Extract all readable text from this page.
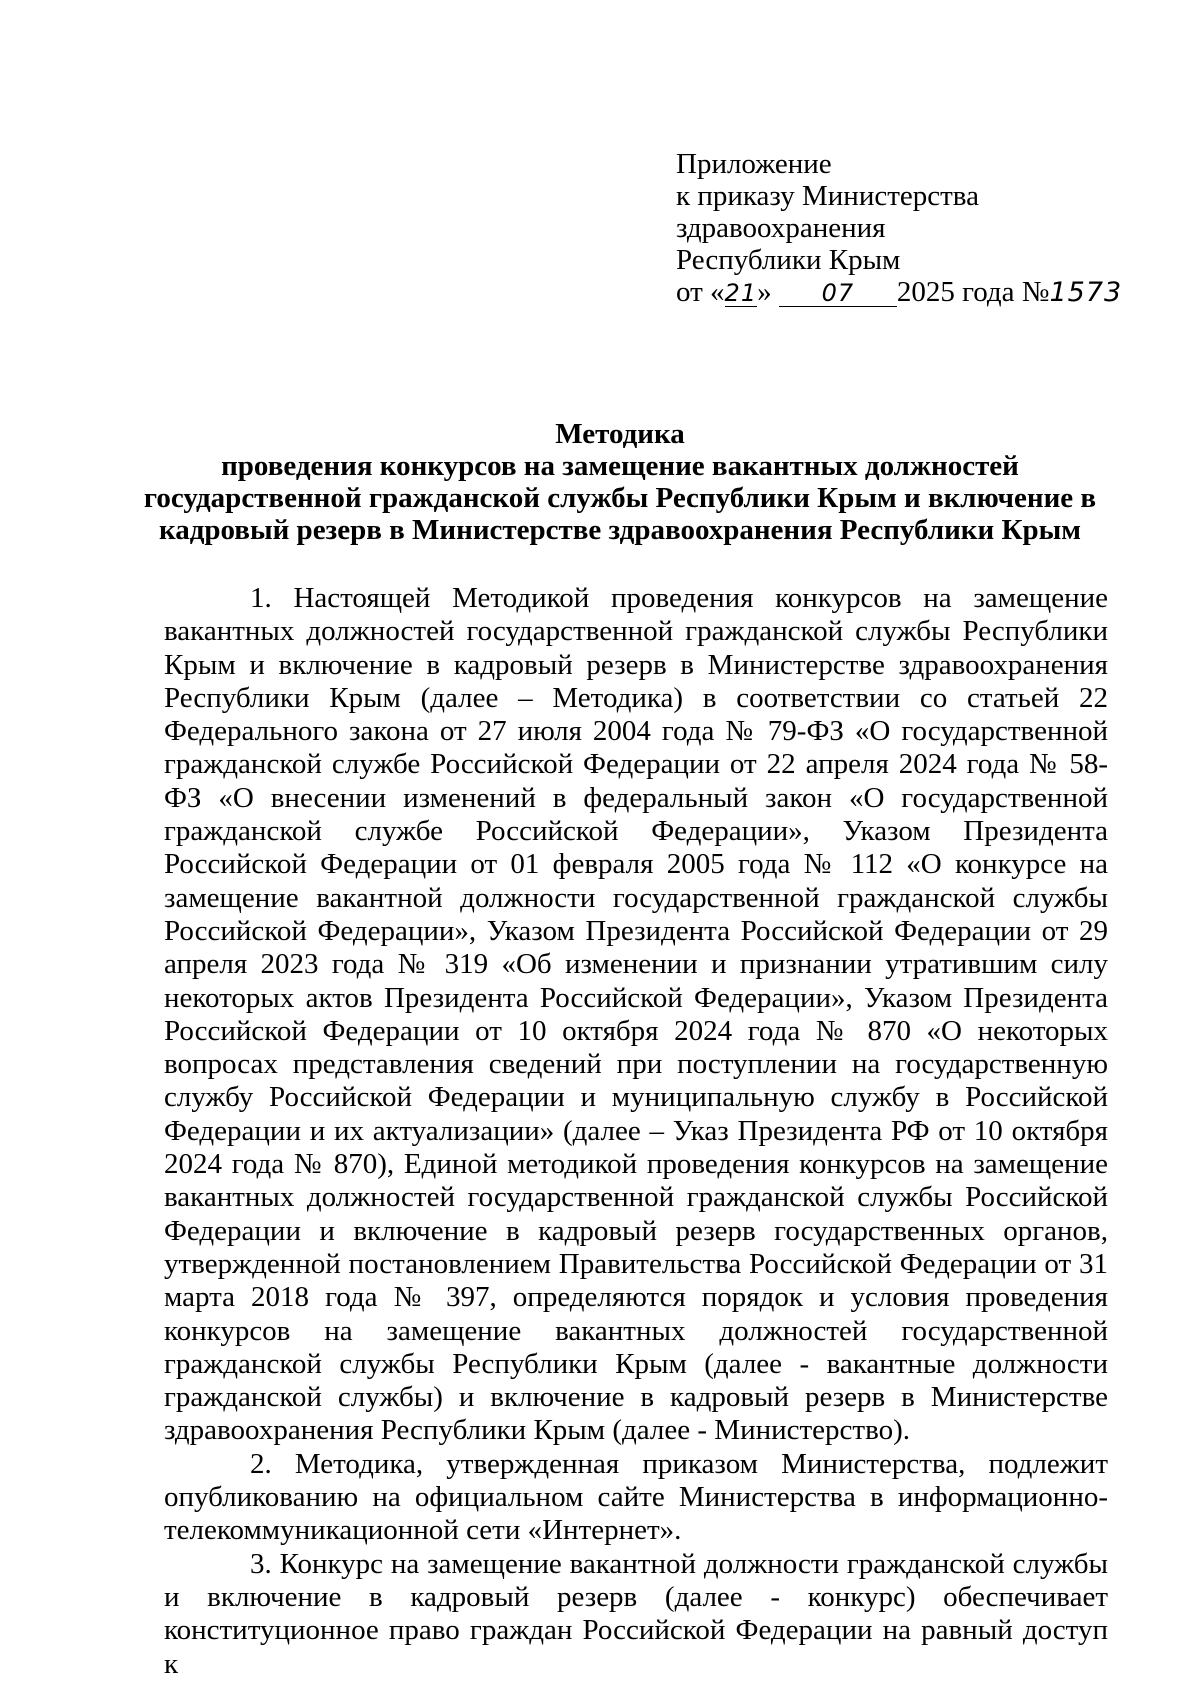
Приложение
к приказу Министерства
здравоохранения
Республики Крым
от «21» 07 2025 года №1573
Методика
проведения конкурсов на замещение вакантных должностей
государственной гражданской службы Республики Крым и включение в
кадровый резерв в Министерстве здравоохранения Республики Крым

1. Настоящей Методикой проведения конкурсов на замещение вакантных должностей государственной гражданской службы Республики Крым и включение в кадровый резерв в Министерстве здравоохранения Республики Крым (далее – Методика) в соответствии со статьей 22 Федерального закона от 27 июля 2004 года № 79-ФЗ «О государственной гражданской службе Российской Федерации от 22 апреля 2024 года № 58-ФЗ «О внесении изменений в федеральный закон «О государственной гражданской службе Российской Федерации», Указом Президента Российской Федерации от 01 февраля 2005 года № 112 «О конкурсе на замещение вакантной должности государственной гражданской службы Российской Федерации», Указом Президента Российской Федерации от 29 апреля 2023 года № 319 «Об изменении и признании утратившим силу некоторых актов Президента Российской Федерации», Указом Президента Российской Федерации от 10 октября 2024 года № 870 «О некоторых вопросах представления сведений при поступлении на государственную службу Российской Федерации и муниципальную службу в Российской Федерации и их актуализации» (далее – Указ Президента РФ от 10 октября 2024 года № 870), Единой методикой проведения конкурсов на замещение вакантных должностей государственной гражданской службы Российской Федерации и включение в кадровый резерв государственных органов, утвержденной постановлением Правительства Российской Федерации от 31 марта 2018 года № 397, определяются порядок и условия проведения конкурсов на замещение вакантных должностей государственной гражданской службы Республики Крым (далее - вакантные должности гражданской службы) и включение в кадровый резерв в Министерстве здравоохранения Республики Крым (далее - Министерство).

2. Методика, утвержденная приказом Министерства, подлежит опубликованию на официальном сайте Министерства в информационно-телекоммуникационной сети «Интернет».

3. Конкурс на замещение вакантной должности гражданской службы и включение в кадровый резерв (далее - конкурс) обеспечивает конституционное право граждан Российской Федерации на равный доступ к
